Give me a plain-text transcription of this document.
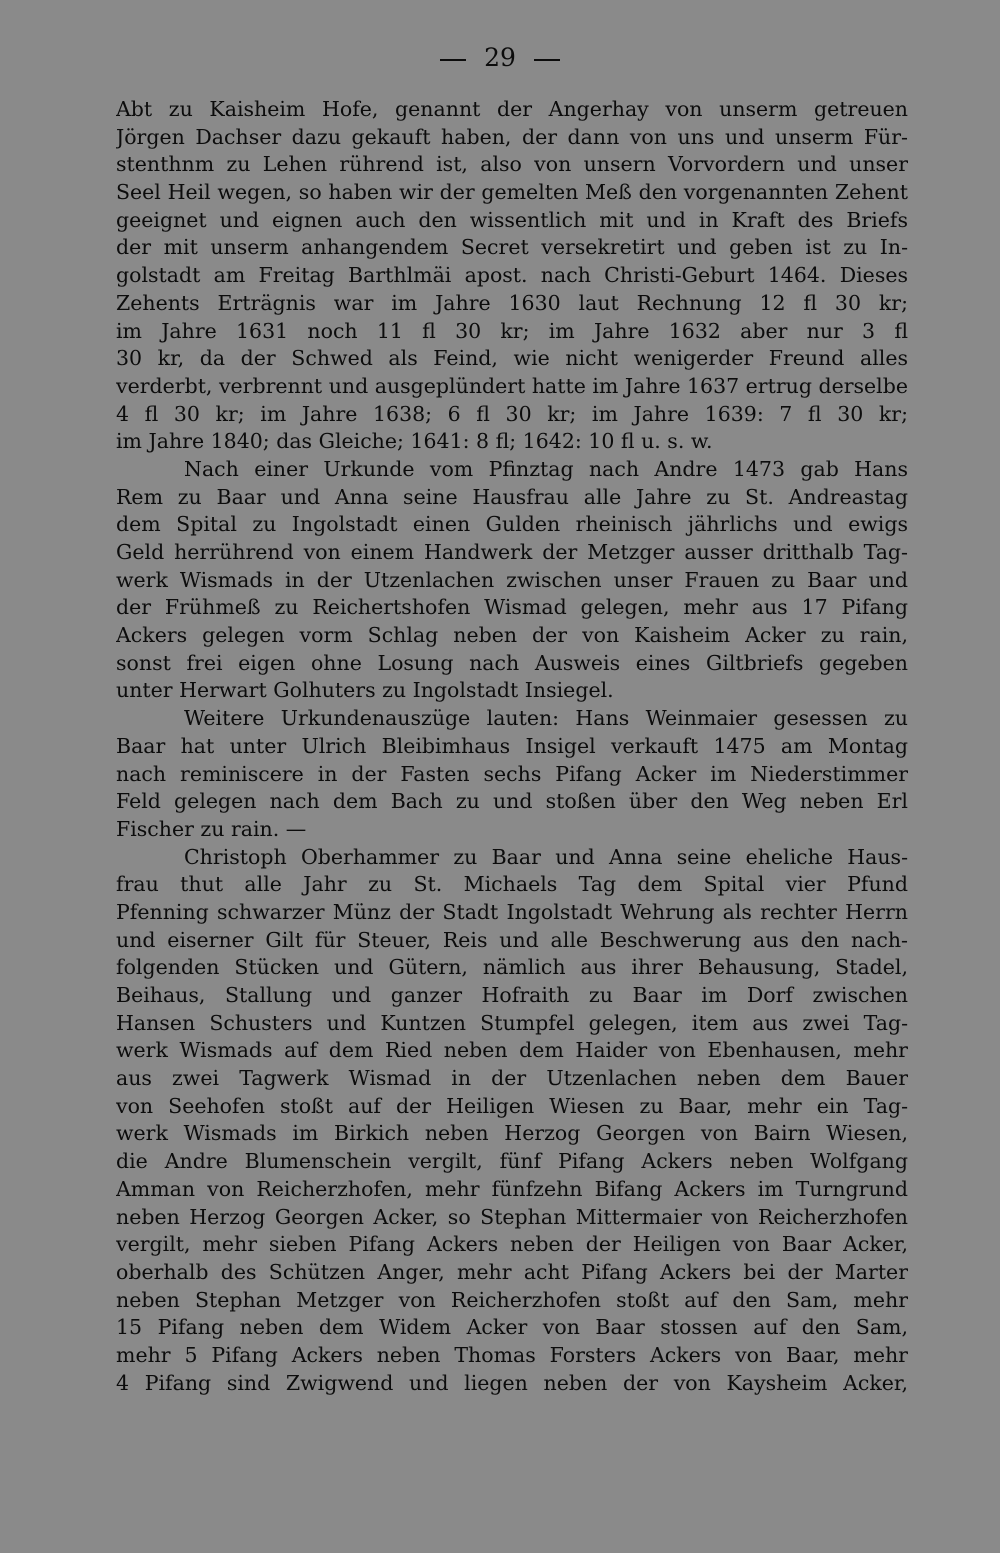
29
Abt zu Kaisheim Hofe, genannt der Angerhay von unserm getreuen
Jörgen Dachser dazu gekauft haben, der dann von uns und unserm Für-
stenthnm zu Lehen rührend ist, also von unsern Vorvordern und unser
Seel Heil wegen, so haben wir der gemelten Meß den vorgenannten Zehent
geeignet und eignen auch den wissentlich mit und in Kraft des Briefs
der mit unserm anhangendem Secret versekretirt und geben ist zu In-
golstadt am Freitag Barthlmäi apost. nach Christi-Geburt 1464. Dieses
Zehents Erträgnis war im Jahre 1630 laut Rechnung 12 fl 30 kr;
im Jahre 1631 noch 11 fl 30 kr; im Jahre 1632 aber nur 3 fl
30 kr, da der Schwed als Feind, wie nicht wenigerder Freund alles
verderbt, verbrennt und ausgeplündert hatte im Jahre 1637 ertrug derselbe
4 fl 30 kr; im Jahre 1638; 6 fl 30 kr; im Jahre 1639: 7 fl 30 kr;
im Jahre 1840; das Gleiche; 1641: 8 fl; 1642: 10 fl u. s. w.
Nach einer Urkunde vom Pfinztag nach Andre 1473 gab Hans
Rem zu Baar und Anna seine Hausfrau alle Jahre zu St. Andreastag
dem Spital zu Ingolstadt einen Gulden rheinisch jährlichs und ewigs
Geld herrührend von einem Handwerk der Metzger ausser dritthalb Tag-
werk Wismads in der Utzenlachen zwischen unser Frauen zu Baar und
der Frühmeß zu Reichertshofen Wismad gelegen, mehr aus 17 Pifang
Ackers gelegen vorm Schlag neben der von Kaisheim Acker zu rain,
sonst frei eigen ohne Losung nach Ausweis eines Giltbriefs gegeben
unter Herwart Golhuters zu Ingolstadt Insiegel.
Weitere Urkundenauszüge lauten: Hans Weinmaier gesessen zu
Baar hat unter Ulrich Bleibimhaus Insigel verkauft 1475 am Montag
nach reminiscere in der Fasten sechs Pifang Acker im Niederstimmer
Feld gelegen nach dem Bach zu und stoßen über den Weg neben Erl
Fischer zu rain. —
Christoph Oberhammer zu Baar und Anna seine eheliche Haus-
frau thut alle Jahr zu St. Michaels Tag dem Spital vier Pfund
Pfenning schwarzer Münz der Stadt Ingolstadt Wehrung als rechter Herrn
und eiserner Gilt für Steuer, Reis und alle Beschwerung aus den nach-
folgenden Stücken und Gütern, nämlich aus ihrer Behausung, Stadel,
Beihaus, Stallung und ganzer Hofraith zu Baar im Dorf zwischen
Hansen Schusters und Kuntzen Stumpfel gelegen, item aus zwei Tag-
werk Wismads auf dem Ried neben dem Haider von Ebenhausen, mehr
aus zwei Tagwerk Wismad in der Utzenlachen neben dem Bauer
von Seehofen stoßt auf der Heiligen Wiesen zu Baar, mehr ein Tag-
werk Wismads im Birkich neben Herzog Georgen von Bairn Wiesen,
die Andre Blumenschein vergilt, fünf Pifang Ackers neben Wolfgang
Amman von Reicherzhofen, mehr fünfzehn Bifang Ackers im Turngrund
neben Herzog Georgen Acker, so Stephan Mittermaier von Reicherzhofen
vergilt, mehr sieben Pifang Ackers neben der Heiligen von Baar Acker,
oberhalb des Schützen Anger, mehr acht Pifang Ackers bei der Marter
neben Stephan Metzger von Reicherzhofen stoßt auf den Sam, mehr
15 Pifang neben dem Widem Acker von Baar stossen auf den Sam,
mehr 5 Pifang Ackers neben Thomas Forsters Ackers von Baar, mehr
4 Pifang sind Zwigwend und liegen neben der von Kaysheim Acker,
